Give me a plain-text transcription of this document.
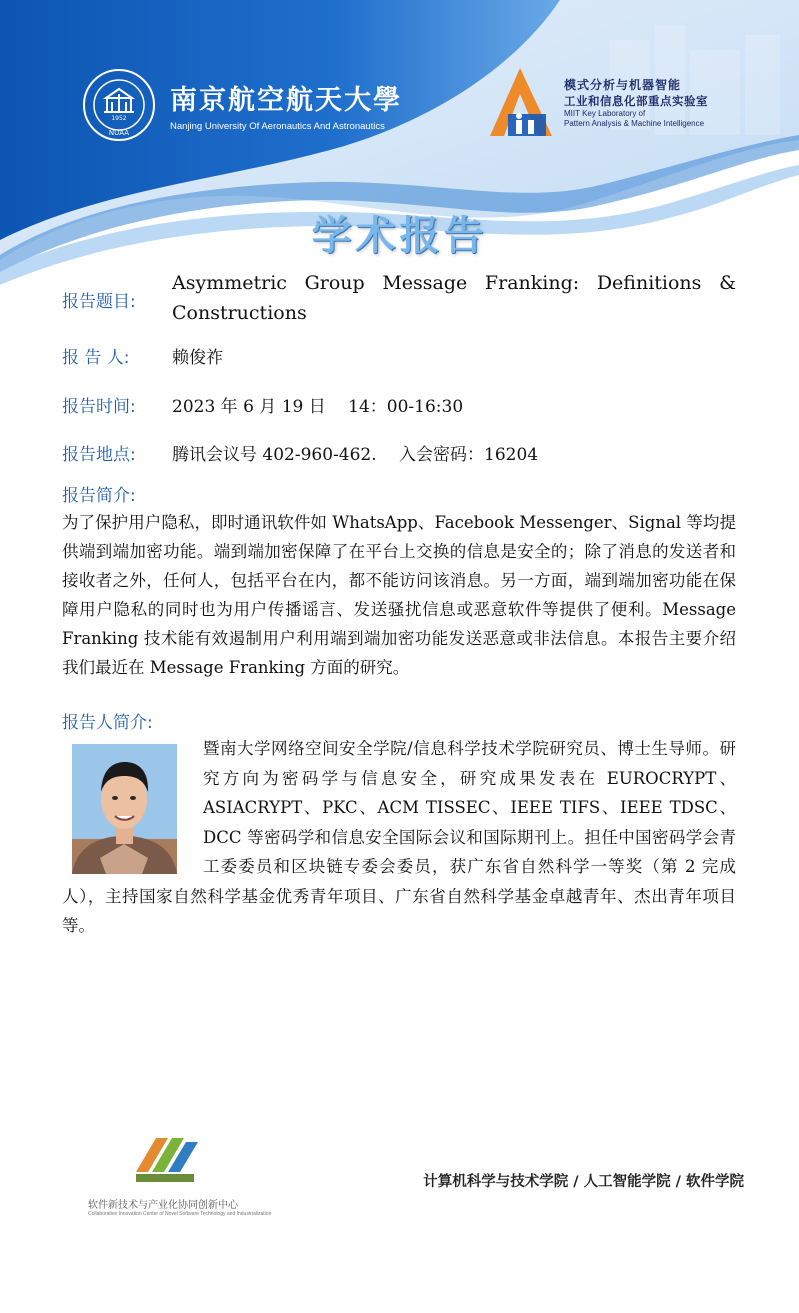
1952
NUAA
南京航空航天大學
Nanjing University Of Aeronautics And Astronautics
模式分析与机器智能
工业和信息化部重点实验室
MIIT Key Laboratory of
Pattern Analysis & Machine Intelligence
学术报告
报告题目:
Asymmetric Group Message Franking: Definitions & Constructions
报 告 人: 赖俊祚
报告时间: 2023 年 6 月 19 日　 14：00-16:30
报告地点: 腾讯会议号 402-960-462.　 入会密码：16204
报告简介:
为了保护用户隐私，即时通讯软件如 WhatsApp、Facebook Messenger、Signal 等均提供端到端加密功能。端到端加密保障了在平台上交换的信息是安全的；除了消息的发送者和接收者之外，任何人，包括平台在内，都不能访问该消息。另一方面，端到端加密功能在保障用户隐私的同时也为用户传播谣言、发送骚扰信息或恶意软件等提供了便利。Message Franking 技术能有效遏制用户利用端到端加密功能发送恶意或非法信息。本报告主要介绍我们最近在 Message Franking 方面的研究。
报告人简介:
暨南大学网络空间安全学院/信息科学技术学院研究员、博士生导师。研究方向为密码学与信息安全，研究成果发表在 EUROCRYPT、ASIACRYPT、PKC、ACM TISSEC、IEEE TIFS、IEEE TDSC、DCC 等密码学和信息安全国际会议和国际期刊上。担任中国密码学会青工委委员和区块链专委会委员，获广东省自然科学一等奖（第 2 完成人），主持国家自然科学基金优秀青年项目、广东省自然科学基金卓越青年、杰出青年项目等。
软件新技术与产业化协同创新中心
Collaborative Innovation Center of Novel Software Technology and Industrialization
计算机科学与技术学院 / 人工智能学院 / 软件学院
